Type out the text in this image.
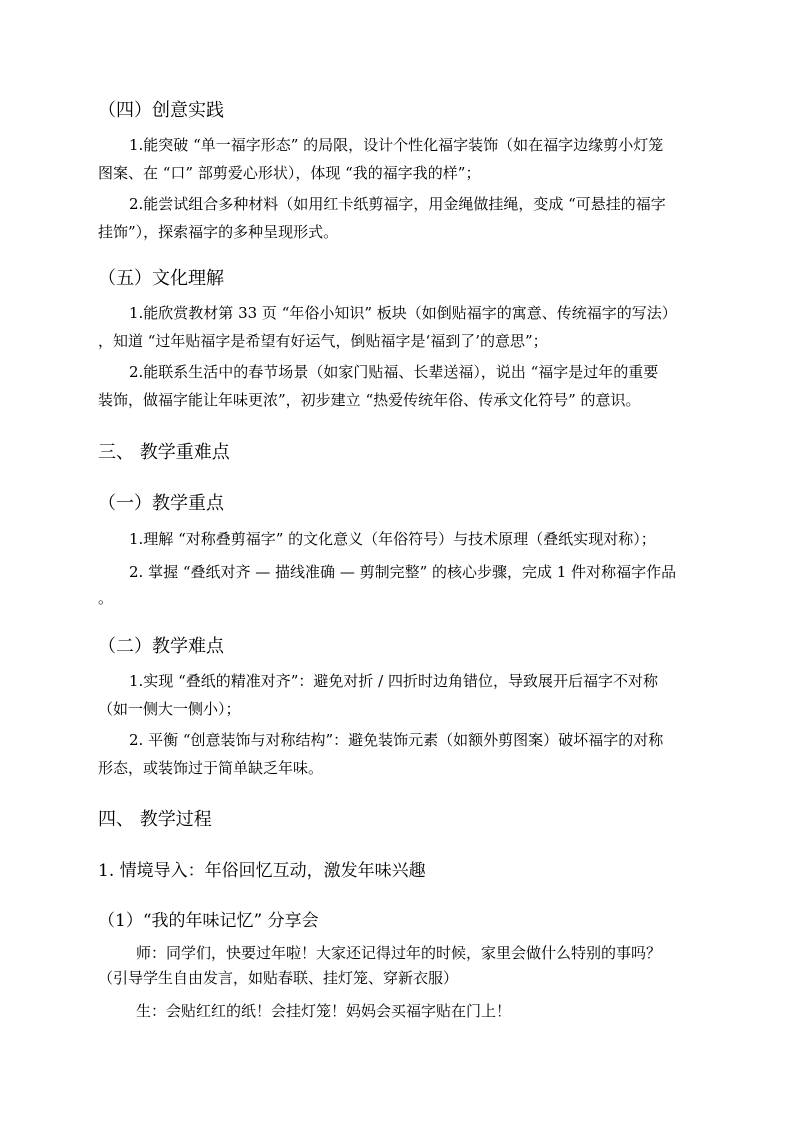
（四）创意实践
1.能突破 “单一福字形态” 的局限，设计个性化福字装饰（如在福字边缘剪小灯笼
图案、在 “口” 部剪爱心形状），体现 “我的福字我的样”；
2.能尝试组合多种材料（如用红卡纸剪福字，用金绳做挂绳，变成 “可悬挂的福字
挂饰”），探索福字的多种呈现形式。
（五）文化理解
1.能欣赏教材第 33 页 “年俗小知识” 板块（如倒贴福字的寓意、传统福字的写法）
，知道 “过年贴福字是希望有好运气，倒贴福字是‘福到了’的意思”；
2.能联系生活中的春节场景（如家门贴福、长辈送福），说出 “福字是过年的重要
装饰，做福字能让年味更浓”，初步建立 “热爱传统年俗、传承文化符号” 的意识。
三、 教学重难点
（一）教学重点
1.理解 “对称叠剪福字” 的文化意义（年俗符号）与技术原理（叠纸实现对称）；
2. 掌握 “叠纸对齐 — 描线准确 — 剪制完整” 的核心步骤，完成 1 件对称福字作品
。
（二）教学难点
1.实现 “叠纸的精准对齐”：避免对折 / 四折时边角错位，导致展开后福字不对称
（如一侧大一侧小）；
2. 平衡 “创意装饰与对称结构”：避免装饰元素（如额外剪图案）破坏福字的对称
形态，或装饰过于简单缺乏年味。
四、 教学过程
1. 情境导入：年俗回忆互动，激发年味兴趣
（1）“我的年味记忆” 分享会
师：同学们，快要过年啦！大家还记得过年的时候，家里会做什么特别的事吗？
（引导学生自由发言，如贴春联、挂灯笼、穿新衣服）
生：会贴红红的纸！会挂灯笼！妈妈会买福字贴在门上！
